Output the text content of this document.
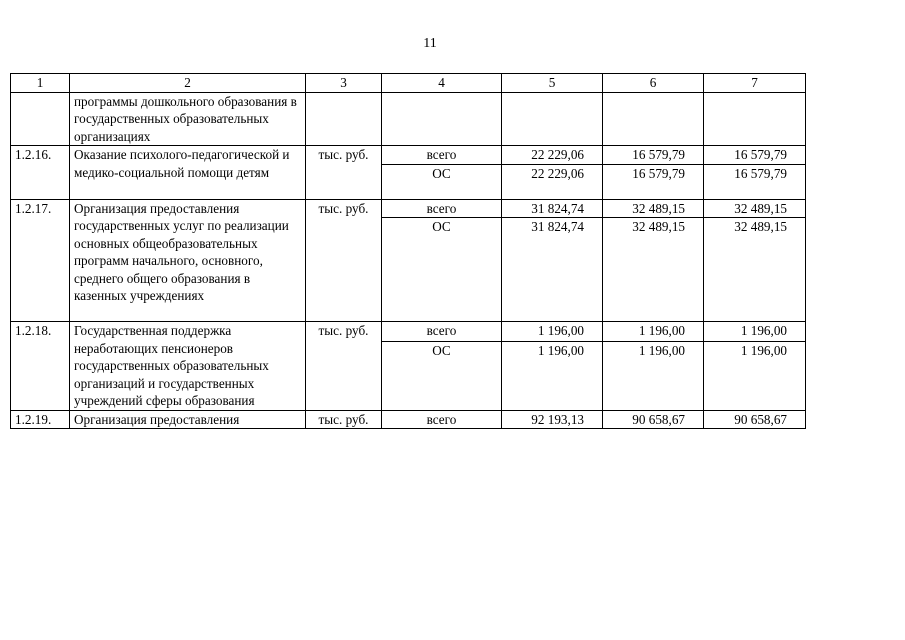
11
1	2	3	4	5	6	7
	программы дошкольного образования в государственных образовательных организациях					
1.2.16.	Оказание психолого-педагогической и медико-социальной помощи детям	тыс. руб.	всего	22 229,06	16 579,79	16 579,79
			ОС	22 229,06	16 579,79	16 579,79
1.2.17.	Организация предоставления государственных услуг по реализации основных общеобразовательных программ начального, основного, среднего общего образования в казенных учреждениях	тыс. руб.	всего	31 824,74	32 489,15	32 489,15
			ОС	31 824,74	32 489,15	32 489,15
1.2.18.	Государственная поддержка неработающих пенсионеров государственных образовательных организаций и государственных учреждений сферы образования	тыс. руб.	всего	1 196,00	1 196,00	1 196,00
			ОС	1 196,00	1 196,00	1 196,00
1.2.19.	Организация предоставления	тыс. руб.	всего	92 193,13	90 658,67	90 658,67
